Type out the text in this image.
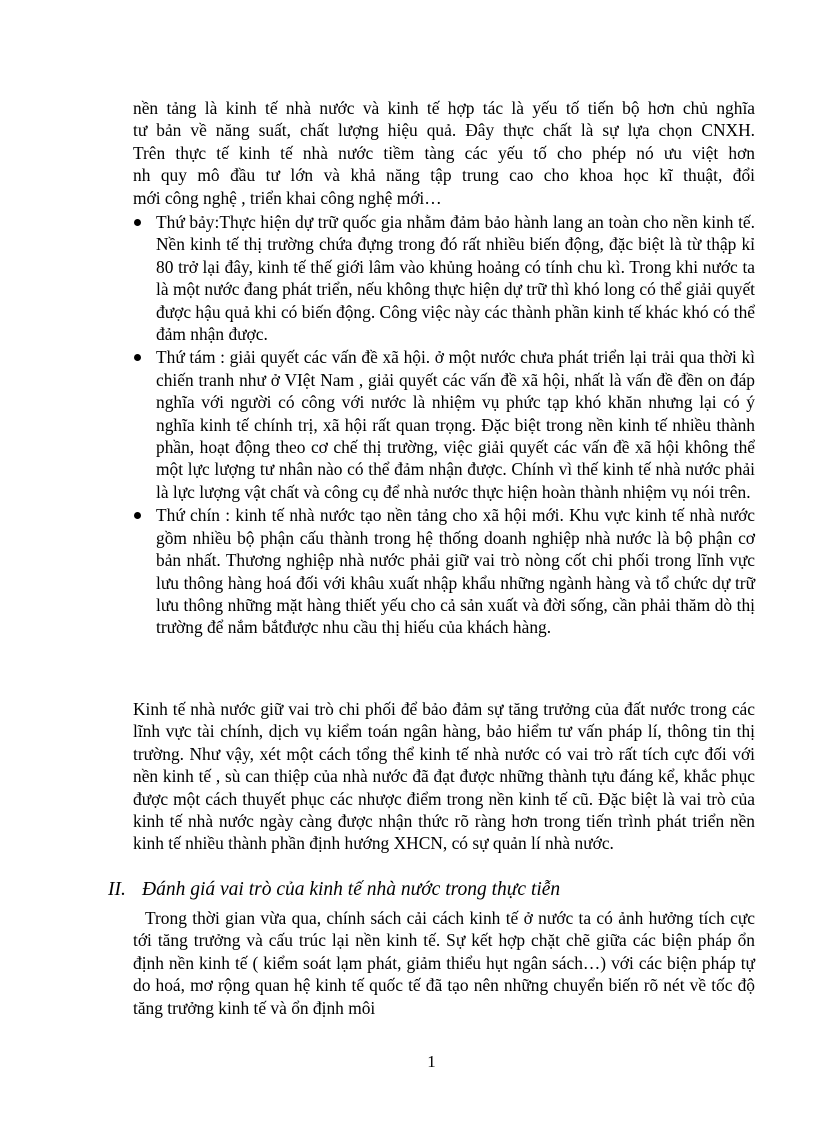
nền tảng là kinh tế nhà nước và kinh tế hợp tác là yếu tố tiến bộ hơn chủ nghĩa
tư bản về năng suất, chất lượng hiệu quả. Đây thực chất là sự lựa chọn CNXH.
Trên thực tế kinh tế nhà nước tiềm tàng các yếu tố cho phép nó ưu việt hơn
nh quy mô đầu tư lớn và khả năng tập trung cao cho khoa học kĩ thuật, đổi
mới công nghệ , triển khai công nghệ mới…
Thứ bảy:Thực hiện dự trữ quốc gia nhằm đảm bảo hành lang an toàn cho nền kinh tế. Nền kinh tế thị trường chứa đựng trong đó rất nhiều biến động, đặc biệt là từ thập kỉ 80 trở lại đây, kinh tế thế giới lâm vào khủng hoảng có tính chu kì. Trong khi nước ta là một nước đang phát triển, nếu không thực hiện dự trữ thì khó long có thể giải quyết được hậu quả khi có biến động. Công việc này các thành phần kinh tế khác khó có thể đảm nhận được.
Thứ tám : giải quyết các vấn đề xã hội. ở một nước chưa phát triển lại trải qua thời kì chiến tranh như ở VIệt Nam , giải quyết các vấn đề xã hội, nhất là vấn đề đền on đáp nghĩa với người có công với nước là nhiệm vụ phức tạp khó khăn nhưng lại có ý nghĩa kinh tế chính trị, xã hội rất quan trọng. Đặc biệt trong nền kinh tế nhiều thành phần, hoạt động theo cơ chế thị trường, việc giải quyết các vấn đề xã hội không thể một lực lượng tư nhân nào có thể đảm nhận được. Chính vì thế kinh tế nhà nước phải là lực lượng vật chất và công cụ để nhà nước thực hiện hoàn thành nhiệm vụ nói trên.
Thứ chín : kinh tế nhà nước tạo nền tảng cho xã hội mới. Khu vực kinh tế nhà nước gồm nhiều bộ phận cấu thành trong hệ thống doanh nghiệp nhà nước là bộ phận cơ bản nhất. Thương nghiệp nhà nước phải giữ vai trò nòng cốt chi phối trong lĩnh vực lưu thông hàng hoá đối với khâu xuất nhập khẩu những ngành hàng và tổ chức dự trữ lưu thông những mặt hàng thiết yếu cho cả sản xuất và đời sống, cần phải thăm dò thị trường để nắm bắtđược nhu cầu thị hiếu của khách hàng.

Kinh tế nhà nước giữ vai trò chi phối để bảo đảm sự tăng trưởng của đất nước trong các lĩnh vực tài chính, dịch vụ kiểm toán ngân hàng, bảo hiểm tư vấn pháp lí, thông tin thị trường. Như vậy, xét một cách tổng thể kinh tế nhà nước có vai trò rất tích cực đối với nền kinh tế , sù can thiệp của nhà nước đã đạt được những thành tựu đáng kể, khắc phục được một cách thuyết phục các nhược điểm trong nền kinh tế cũ. Đặc biệt là vai trò của kinh tế nhà nước ngày càng được nhận thức rõ ràng hơn trong tiến trình phát triển nền kinh tế nhiều thành phần định hướng XHCN, có sự quản lí nhà nước.

II. Đánh giá vai trò của kinh tế nhà nước trong thực tiễn

Trong thời gian vừa qua, chính sách cải cách kinh tế ở nước ta có ảnh hưởng tích cực tới tăng trưởng và cấu trúc lại nền kinh tế. Sự kết hợp chặt chẽ giữa các biện pháp ổn định nền kinh tế ( kiểm soát lạm phát, giảm thiểu hụt ngân sách…) với các biện pháp tự do hoá, mơ rộng quan hệ kinh tế quốc tế đã tạo nên những chuyển biến rõ nét về tốc độ tăng trưởng kinh tế và ổn định môi

1
